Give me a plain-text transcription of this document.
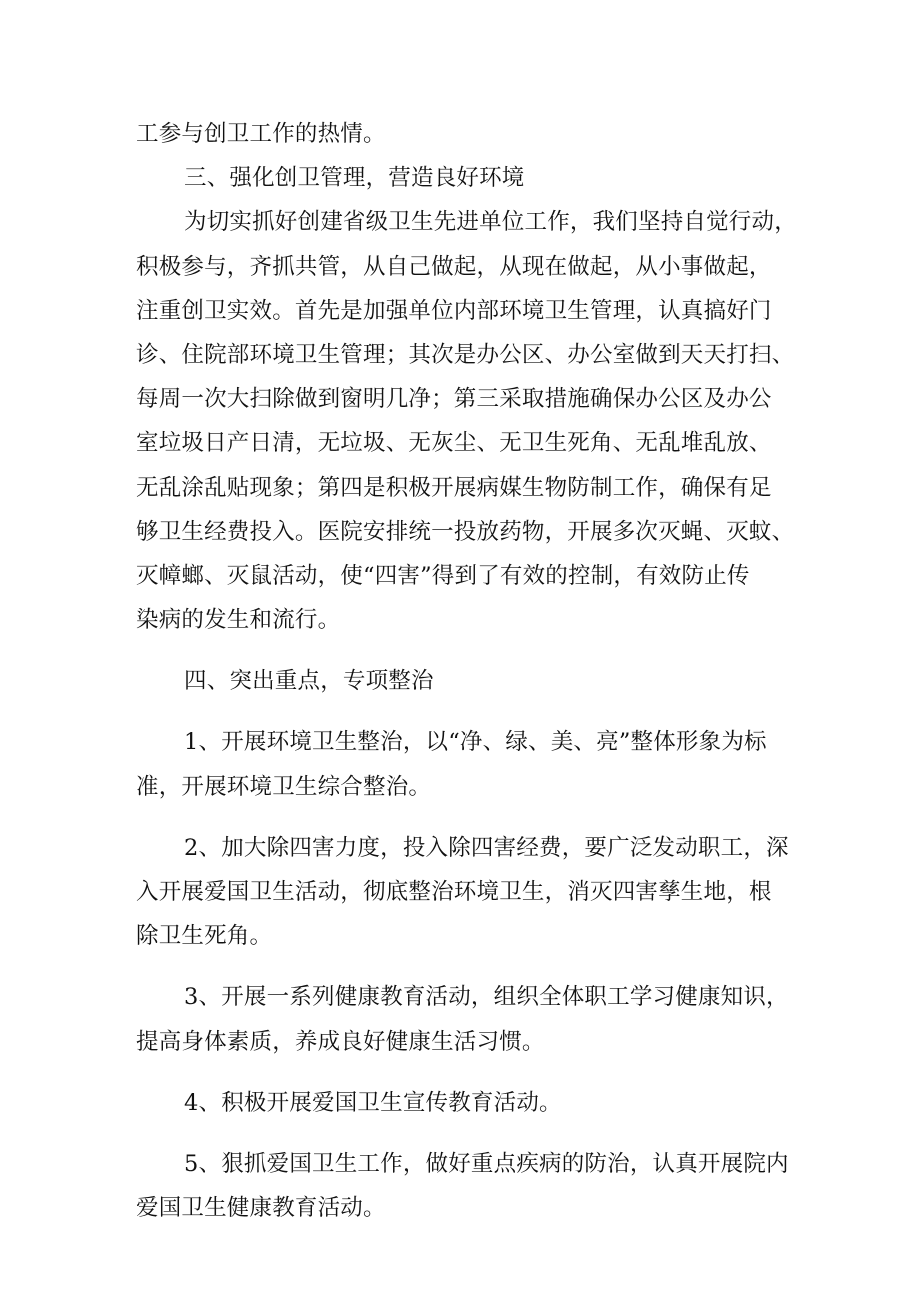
工参与创卫工作的热情。
三、强化创卫管理，营造良好环境
为切实抓好创建省级卫生先进单位工作，我们坚持自觉行动，
积极参与，齐抓共管，从自己做起，从现在做起，从小事做起，
注重创卫实效。首先是加强单位内部环境卫生管理，认真搞好门
诊、住院部环境卫生管理；其次是办公区、办公室做到天天打扫、
每周一次大扫除做到窗明几净；第三采取措施确保办公区及办公
室垃圾日产日清，无垃圾、无灰尘、无卫生死角、无乱堆乱放、
无乱涂乱贴现象；第四是积极开展病媒生物防制工作，确保有足
够卫生经费投入。医院安排统一投放药物，开展多次灭蝇、灭蚊、
灭幛螂、灭鼠活动，使“四害”得到了有效的控制，有效防止传
染病的发生和流行。
四、突出重点，专项整治
1、开展环境卫生整治，以“净、绿、美、亮”整体形象为标
准，开展环境卫生综合整治。
2、加大除四害力度，投入除四害经费，要广泛发动职工，深
入开展爱国卫生活动，彻底整治环境卫生，消灭四害孳生地，根
除卫生死角。
3、开展一系列健康教育活动，组织全体职工学习健康知识，
提高身体素质，养成良好健康生活习惯。
4、积极开展爱国卫生宣传教育活动。
5、狠抓爱国卫生工作，做好重点疾病的防治，认真开展院内
爱国卫生健康教育活动。
